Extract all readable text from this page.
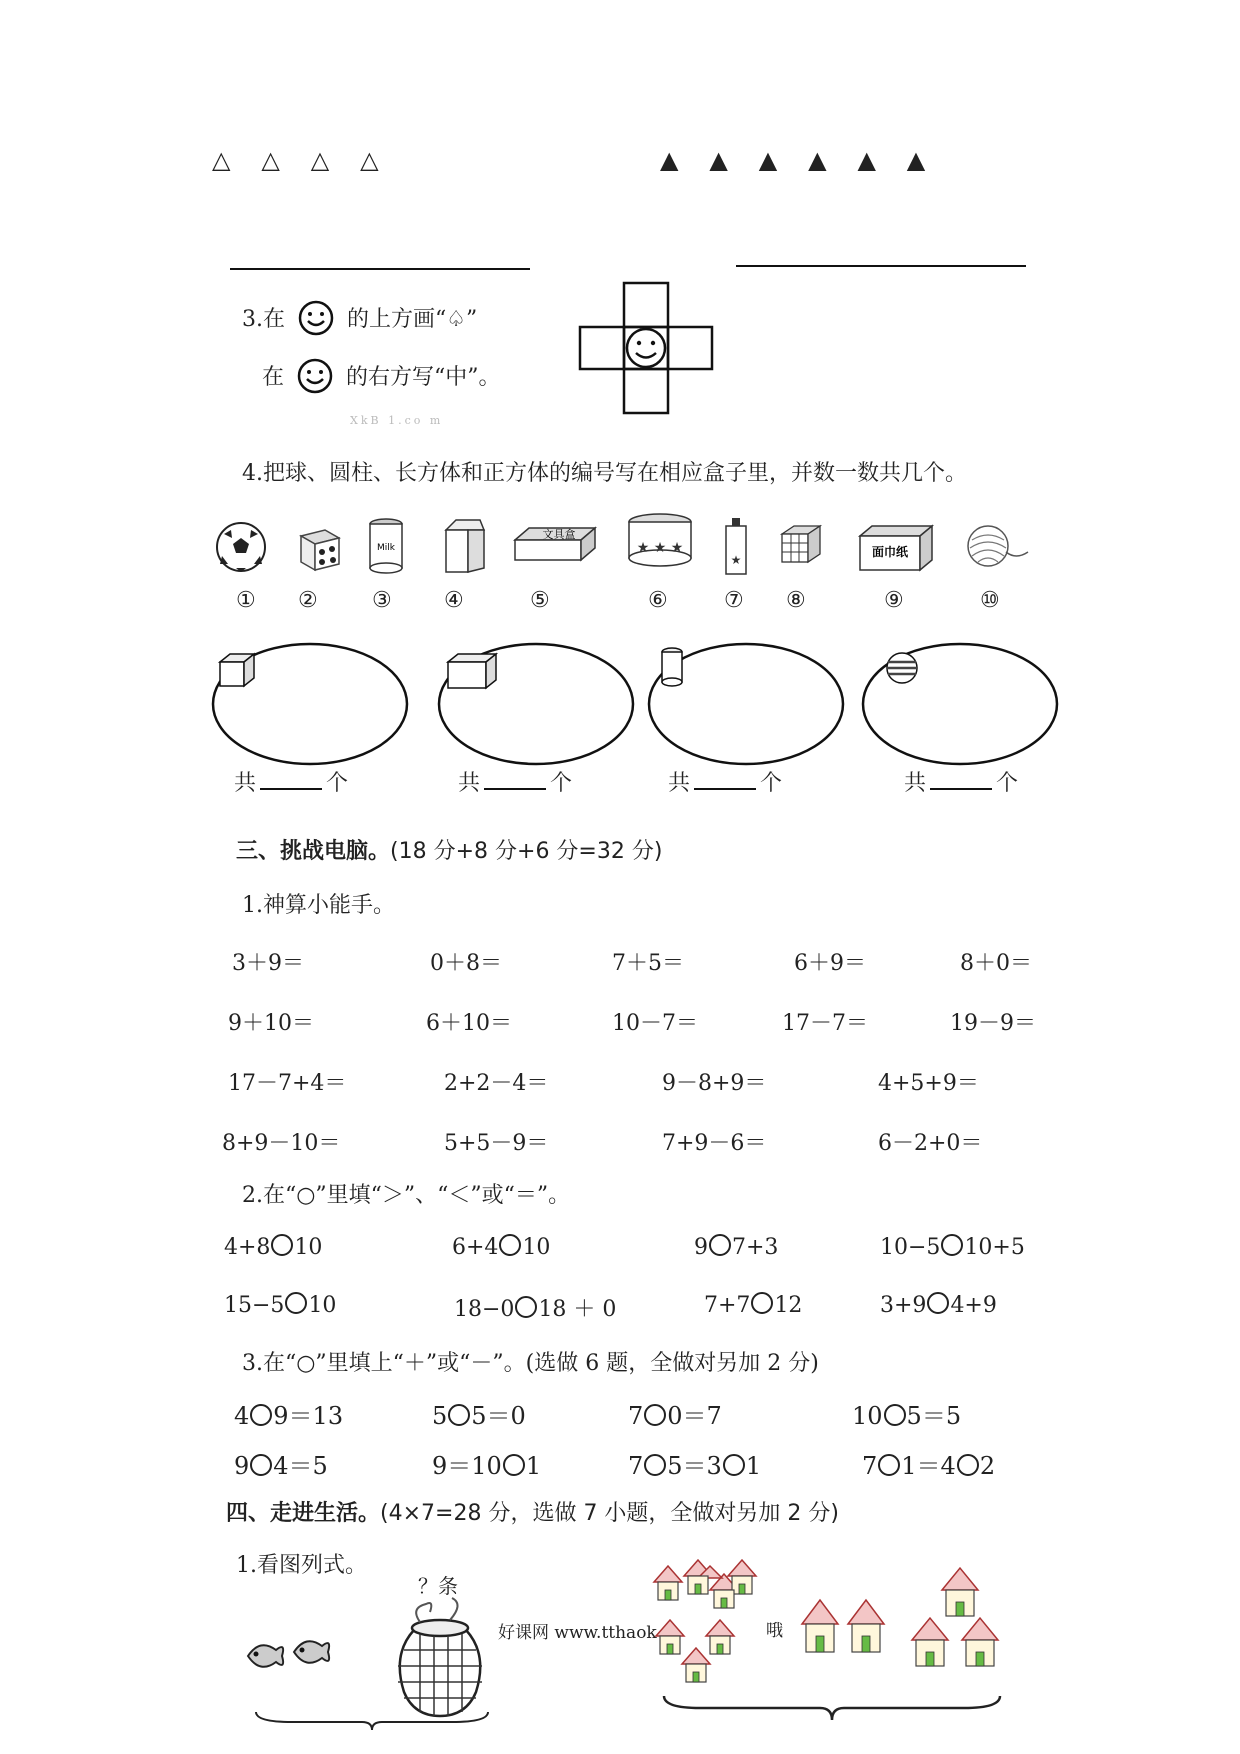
△ △ △ △	▲ ▲ ▲ ▲ ▲ ▲
3.在	的上方画“♤”
在	的右方写“中”。
XkB 1.co m
4.把球、圆柱、长方体和正方体的编号写在相应盒子里，并数一数共几个。
Milk
文具盒
★ ★ ★
★
面巾纸
① ② ③ ④	⑤	⑥	⑦ ⑧	⑨	⑩
共	个	共	个	共	个	共	个
三、挑战电脑。(18 分+8 分+6 分=32 分)
1.神算小能手。
3＋9＝	0＋8＝	7＋5＝	6＋9＝	8＋0＝
9＋10＝	6＋10＝	10－7＝	17－7＝	19－9＝
17－7+4＝	2+2－4＝	9－8+9＝	4+5+9＝
8+9－10＝	5+5－9＝	7+9－6＝	6－2+0＝
2.在“○”里填“＞”、“＜”或“＝”。
4+8 10	6+4 10	9 7+3	10−5 10+5
15−5 10	18−0 18 ＋ 0	7+7 12	3+9 4+9
3.在“○”里填上“＋”或“－”。(选做 6 题，全做对另加 2 分)
4 9＝13	5 5＝0	7 0＝7	10 5＝5
9 4＝5	9＝10 1	7 5＝3 1	7 1＝4 2
四、走进生活。(4×7=28 分，选做 7 小题，全做对另加 2 分)
1.看图列式。
？条
好课网 www.tthaok	哦
